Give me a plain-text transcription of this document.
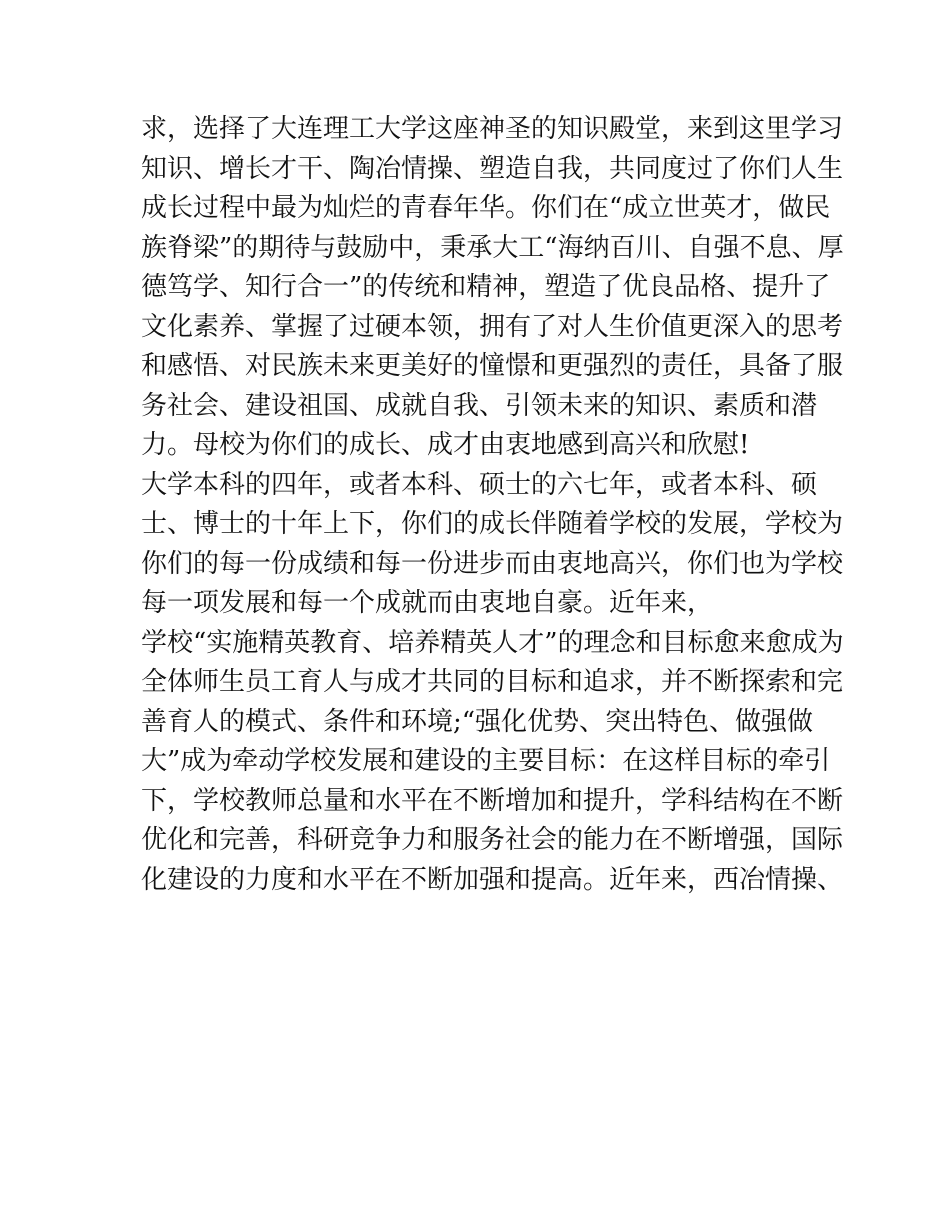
求，选择了大连理工大学这座神圣的知识殿堂，来到这里学习
知识、增长才干、陶冶情操、塑造自我，共同度过了你们人生
成长过程中最为灿烂的青春年华。你们在“成立世英才，做民
族脊梁”的期待与鼓励中，秉承大工“海纳百川、自强不息、厚
德笃学、知行合一”的传统和精神，塑造了优良品格、提升了
文化素养、掌握了过硬本领，拥有了对人生价值更深入的思考
和感悟、对民族未来更美好的憧憬和更强烈的责任，具备了服
务社会、建设祖国、成就自我、引领未来的知识、素质和潜
力。母校为你们的成长、成才由衷地感到高兴和欣慰!
大学本科的四年，或者本科、硕士的六七年，或者本科、硕
士、博士的十年上下，你们的成长伴随着学校的发展，学校为
你们的每一份成绩和每一份进步而由衷地高兴，你们也为学校
每一项发展和每一个成就而由衷地自豪。近年来，
学校“实施精英教育、培养精英人才”的理念和目标愈来愈成为
全体师生员工育人与成才共同的目标和追求，并不断探索和完
善育人的模式、条件和环境;“强化优势、突出特色、做强做
大”成为牵动学校发展和建设的主要目标：在这样目标的牵引
下，学校教师总量和水平在不断增加和提升，学科结构在不断
优化和完善，科研竞争力和服务社会的能力在不断增强，国际
化建设的力度和水平在不断加强和提高。近年来，西冶情操、
